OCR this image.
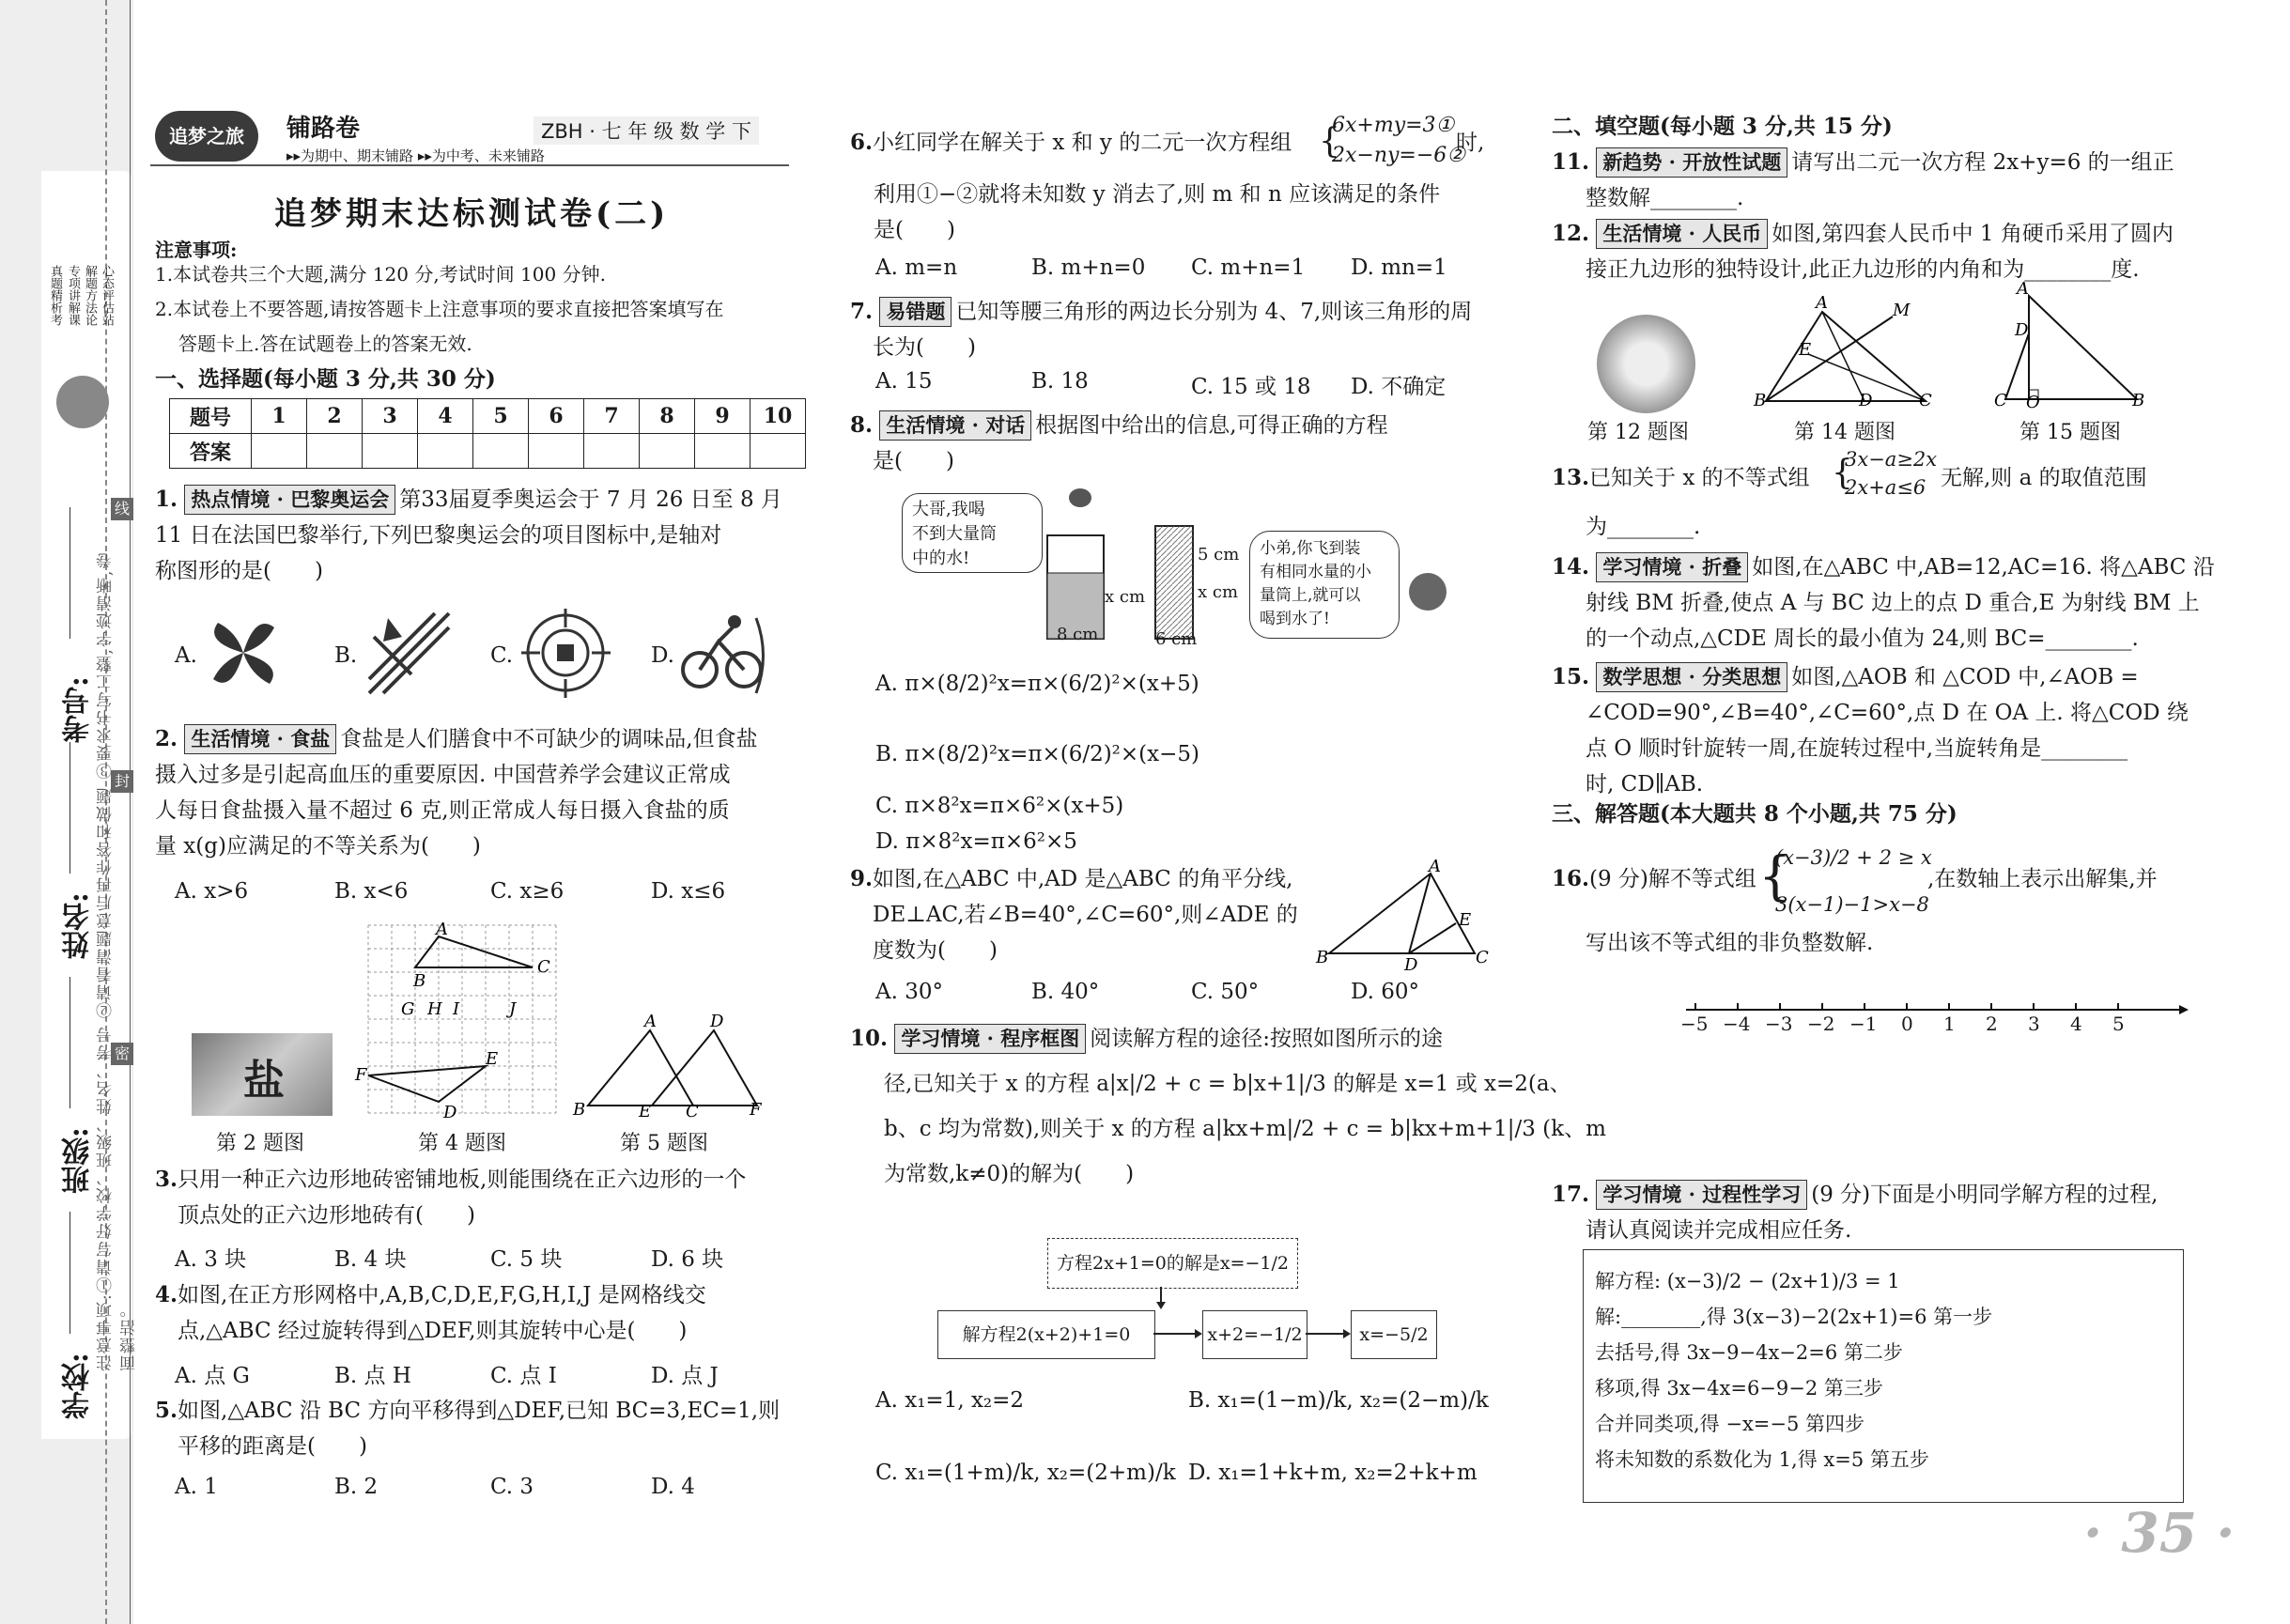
真题精析考 专项讲解课 解题方法论 心态评估站
考号:
姓名:
班级:
学校:
线
封
密
注意事项:①请写好学校、班级、姓名、考号 ②请看清题意后再作答和做题 ③要求书写工整,字迹清晰,卷面整洁。
追梦之旅	铺路卷
▸▸为期中、期末铺路 ▸▸为中考、未来铺路
ZBH · 七 年 级 数 学 下
追梦期末达标测试卷(二)
注意事项:
1.本试卷共三个大题,满分 120 分,考试时间 100 分钟.
2.本试卷上不要答题,请按答题卡上注意事项的要求直接把答案填写在
答题卡上.答在试题卷上的答案无效.
一、选择题(每小题 3 分,共 30 分)
题号	1	2	3	4	5	6	7	8	9	10
答案										
1. 热点情境 · 巴黎奥运会 第33届夏季奥运会于 7 月 26 日至 8 月
11 日在法国巴黎举行,下列巴黎奥运会的项目图标中,是轴对
称图形的是(　　)
A.	B.	C.	D.
2. 生活情境 · 食盐 食盐是人们膳食中不可缺少的调味品,但食盐
摄入过多是引起高血压的重要原因. 中国营养学会建议正常成
人每日食盐摄入量不超过 6 克,则正常成人每日摄入食盐的质
量 x(g)应满足的不等关系为(　　)
A. x>6	B. x<6	C. x≥6	D. x≤6
盐
A
B
C
G H I	J
E
F
D
A
B	C
D
E	F
第 2 题图	第 4 题图	第 5 题图
3.只用一种正六边形地砖密铺地板,则能围绕在正六边形的一个
顶点处的正六边形地砖有(　　)
A. 3 块	B. 4 块	C. 5 块	D. 6 块
4.如图,在正方形网格中,A,B,C,D,E,F,G,H,I,J 是网格线交
点,△ABC 经过旋转得到△DEF,则其旋转中心是(　　)
A. 点 G	B. 点 H	C. 点 I	D. 点 J
5.如图,△ABC 沿 BC 方向平移得到△DEF,已知 BC=3,EC=1,则
平移的距离是(　　)
A. 1	B. 2	C. 3	D. 4
6.小红同学在解关于 x 和 y 的二元一次方程组 {
6x+my=3①
2x−ny=−6②
时,
利用①−②就将未知数 y 消去了,则 m 和 n 应该满足的条件
是(　　)
A. m=n	B. m+n=0 C. m+n=1 D. mn=1
7. 易错题 已知等腰三角形的两边长分别为 4、7,则该三角形的周
长为(　　)
A. 15	B. 18	C. 15 或 18 D. 不确定
8. 生活情境 · 对话 根据图中给出的信息,可得正确的方程
是(　　)
大哥,我喝
不到大量筒
中的水!	小弟,你飞到装
有相同水量的小
量筒上,就可以
喝到水了!
8 cm	6 cm
x cm
5 cm
x cm
A. π×(8/2)²x=π×(6/2)²×(x+5)
B. π×(8/2)²x=π×(6/2)²×(x−5)
C. π×8²x=π×6²×(x+5)
D. π×8²x=π×6²×5
9.如图,在△ABC 中,AD 是△ABC 的角平分线,
DE⊥AC,若∠B=40°,∠C=60°,则∠ADE 的
度数为(　　)
A
B	C
D
E
A. 30°	B. 40°	C. 50°	D. 60°
10. 学习情境 · 程序框图 阅读解方程的途径:按照如图所示的途
径,已知关于 x 的方程 a|x|/2 + c = b|x+1|/3 的解是 x=1 或 x=2(a、
b、c 均为常数),则关于 x 的方程 a|kx+m|/2 + c = b|kx+m+1|/3 (k、m
为常数,k≠0)的解为(　　)
方程2x+1=0的解是x=−1/2
解方程2(x+2)+1=0	x+2=−1/2	x=−5/2
A. x₁=1, x₂=2	B. x₁=(1−m)/k, x₂=(2−m)/k
C. x₁=(1+m)/k, x₂=(2+m)/k D. x₁=1+k+m, x₂=2+k+m
二、填空题(每小题 3 分,共 15 分)
11. 新趋势 · 开放性试题 请写出二元一次方程 2x+y=6 的一组正
整数解________.
12. 生活情境 · 人民币 如图,第四套人民币中 1 角硬币采用了圆内
接正九边形的独特设计,此正九边形的内角和为________度.
A	M
E
B	D	C
A
D
C O	B
第 12 题图	第 14 题图	第 15 题图
13.已知关于 x 的不等式组 {
3x−a≥2x
2x+a≤6 无解,则 a 的取值范围
为________.
14. 学习情境 · 折叠 如图,在△ABC 中,AB=12,AC=16. 将△ABC 沿
射线 BM 折叠,使点 A 与 BC 边上的点 D 重合,E 为射线 BM 上
的一个动点,△CDE 周长的最小值为 24,则 BC=________.
15. 数学思想 · 分类思想 如图,△AOB 和 △COD 中,∠AOB =
∠COD=90°,∠B=40°,∠C=60°,点 D 在 OA 上. 将△COD 绕
点 O 顺时针旋转一周,在旋转过程中,当旋转角是________
时, CD∥AB.
三、解答题(本大题共 8 个小题,共 75 分)
16.(9 分)解不等式组 {
(x−3)/2 + 2 ≥ x
3(x−1)−1>x−8
,在数轴上表示出解集,并
写出该不等式组的非负整数解.
−5 −4 −3 −2 −1 0 1 2 3 4 5
17. 学习情境 · 过程性学习 (9 分)下面是小明同学解方程的过程,
请认真阅读并完成相应任务.
解方程: (x−3)/2 − (2x+1)/3 = 1
解:________,得 3(x−3)−2(2x+1)=6 第一步
去括号,得 3x−9−4x−2=6 第二步
移项,得 3x−4x=6−9−2 第三步
合并同类项,得 −x=−5 第四步
将未知数的系数化为 1,得 x=5 第五步
· 35 ·
